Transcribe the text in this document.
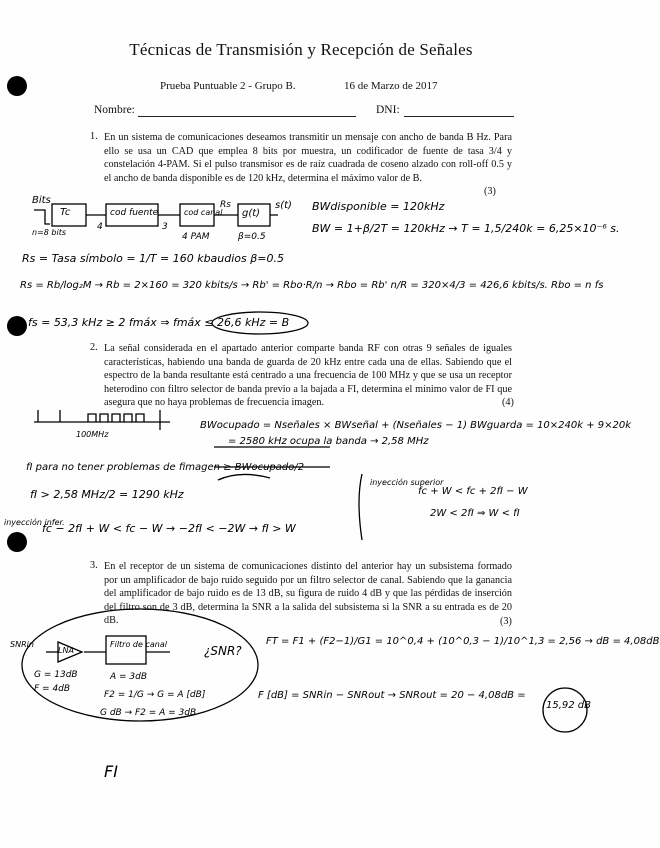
Técnicas de Transmisión y Recepción de Señales
Prueba Puntuable 2 - Grupo B.	16 de Marzo de 2017
Nombre:	DNI:
1. En un sistema de comunicaciones deseamos transmitir un mensaje con ancho de banda B Hz. Para ello se usa un CAD que emplea 8 bits por muestra, un codificador de fuente de tasa 3/4 y constelación 4-PAM. Si el pulso transmisor es de raíz cuadrada de coseno alzado con roll-off 0.5 y el ancho de banda disponible es de 120 kHz, determina el máximo valor de B.
(3)
2. La señal considerada en el apartado anterior comparte banda RF con otras 9 señales de iguales características, habiendo una banda de guarda de 20 kHz entre cada una de ellas. Sabiendo que el espectro de la banda resultante está centrado a una frecuencia de 100 MHz y que se usa un receptor heterodino con filtro selector de banda previo a la bajada a FI, determina el mínimo valor de FI que asegura que no haya problemas de frecuencia imagen.	(4)
3. En el receptor de un sistema de comunicaciones distinto del anterior hay un subsistema formado por un amplificador de bajo ruido seguido por un filtro selector de canal. Sabiendo que la ganancia del amplificador de bajo ruido es de 13 dB, su figura de ruido 4 dB y que las pérdidas de inserción del filtro son de 3 dB, determina la SNR a la salida del subsistema si la SNR a su entrada es de 20 dB.	(3)
Bits
Tc
n=8 bits
cod fuente
4	3
cod canal
4 PAM
Rs
g(t)
s(t)
β=0.5
BWdisponible = 120kHz
BW = 1+β/2T = 120kHz → T = 1,5/240k = 6,25×10⁻⁶ s.
Rs = Tasa símbolo = 1/T = 160 kbaudios β=0.5
Rs = Rb/log₂M → Rb = 2×160 = 320 kbits/s → Rb' = Rbo·R/n → Rbo = Rb' n/R = 320×4/3 = 426,6 kbits/s. Rbo = n fs
fs = 53,3 kHz ≥ 2 fmáx ⇒ fmáx ≤ 26,6 kHz = B
100MHz
BWocupado = Nseñales × BWseñal + (Nseñales − 1) BWguarda = 10×240k + 9×20k
= 2580 kHz ocupa la banda → 2,58 MHz
fI para no tener problemas de fimagen ≥ BWocupado/2
fI > 2,58 MHz/2 = 1290 kHz
fc − 2fI + W < fc − W → −2fI < −2W → fI > W
inyección infer.
inyección superior
fc + W < fc + 2fI − W
2W < 2fI ⇒ W < fI
SNRin
LNA
G = 13dB
F = 4dB
Filtro de canal
A = 3dB
F2 = 1/G → G = A [dB]
G dB → F2 = A = 3dB
¿SNR?
FT = F1 + (F2−1)/G1 = 10^0,4 + (10^0,3 − 1)/10^1,3 = 2,56 → dB = 4,08dB
F [dB] = SNRin − SNRout → SNRout = 20 − 4,08dB =
15,92 dB
FI
